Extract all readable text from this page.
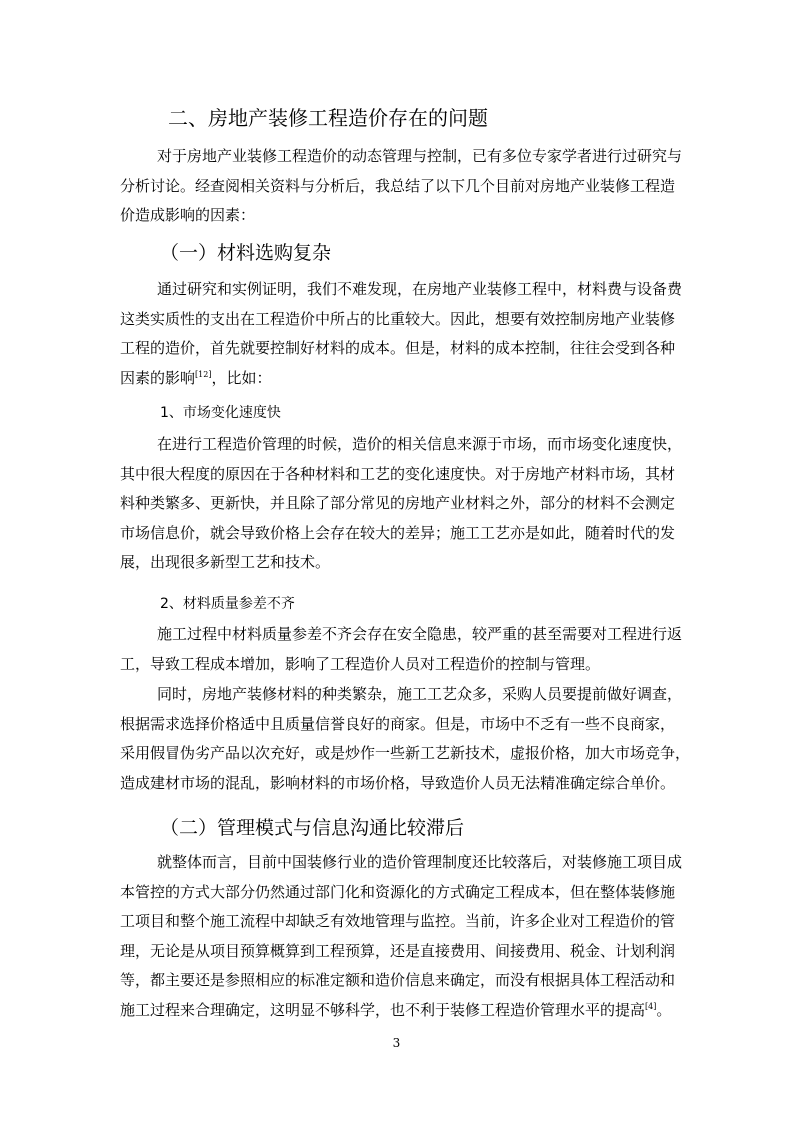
二、房地产装修工程造价存在的问题
对于房地产业装修工程造价的动态管理与控制，已有多位专家学者进行过研究与
分析讨论。经查阅相关资料与分析后，我总结了以下几个目前对房地产业装修工程造
价造成影响的因素：
（一）材料选购复杂
通过研究和实例证明，我们不难发现，在房地产业装修工程中，材料费与设备费
这类实质性的支出在工程造价中所占的比重较大。因此，想要有效控制房地产业装修
工程的造价，首先就要控制好材料的成本。但是，材料的成本控制，往往会受到各种
因素的影响[12]，比如：
1、市场变化速度快
在进行工程造价管理的时候，造价的相关信息来源于市场，而市场变化速度快，
其中很大程度的原因在于各种材料和工艺的变化速度快。对于房地产材料市场，其材
料种类繁多、更新快，并且除了部分常见的房地产业材料之外，部分的材料不会测定
市场信息价，就会导致价格上会存在较大的差异；施工工艺亦是如此，随着时代的发
展，出现很多新型工艺和技术。
2、材料质量参差不齐
施工过程中材料质量参差不齐会存在安全隐患，较严重的甚至需要对工程进行返
工，导致工程成本增加，影响了工程造价人员对工程造价的控制与管理。
同时，房地产装修材料的种类繁杂，施工工艺众多，采购人员要提前做好调查，
根据需求选择价格适中且质量信誉良好的商家。但是，市场中不乏有一些不良商家，
采用假冒伪劣产品以次充好，或是炒作一些新工艺新技术，虚报价格，加大市场竞争，
造成建材市场的混乱，影响材料的市场价格，导致造价人员无法精准确定综合单价。
（二）管理模式与信息沟通比较滞后
就整体而言，目前中国装修行业的造价管理制度还比较落后，对装修施工项目成
本管控的方式大部分仍然通过部门化和资源化的方式确定工程成本，但在整体装修施
工项目和整个施工流程中却缺乏有效地管理与监控。当前，许多企业对工程造价的管
理，无论是从项目预算概算到工程预算，还是直接费用、间接费用、税金、计划利润
等，都主要还是参照相应的标准定额和造价信息来确定，而没有根据具体工程活动和
施工过程来合理确定，这明显不够科学，也不利于装修工程造价管理水平的提高[4]。
3
